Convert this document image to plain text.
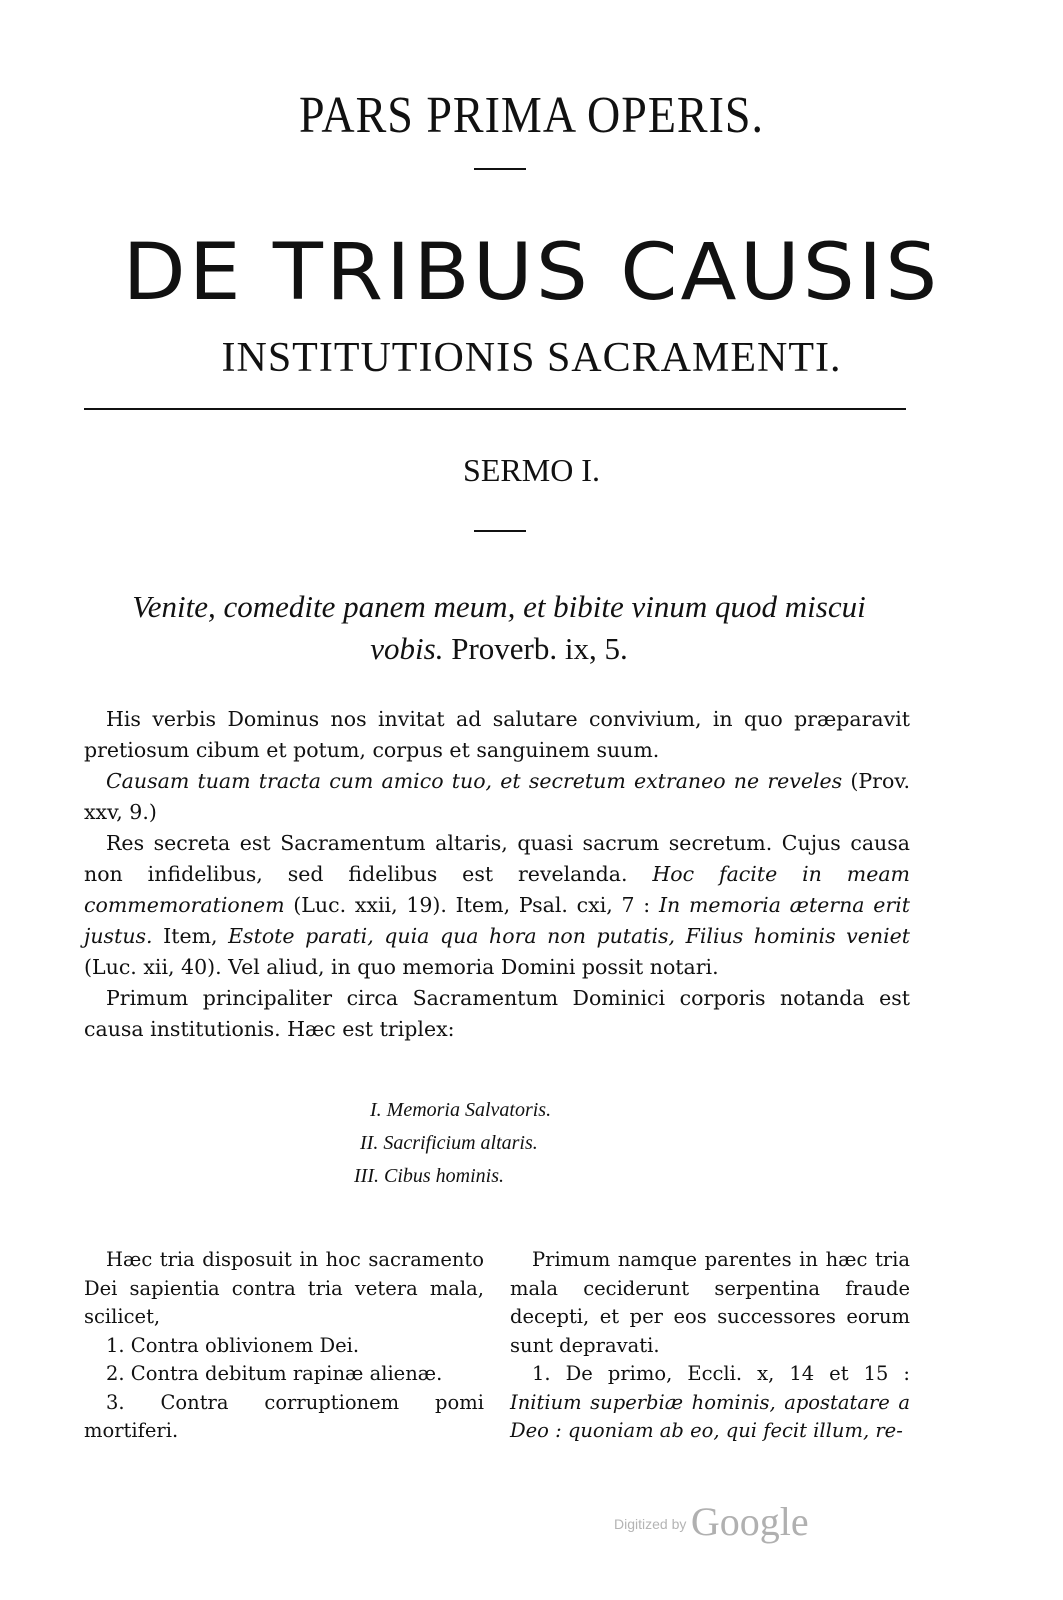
PARS PRIMA OPERIS.
DE TRIBUS CAUSIS
INSTITUTIONIS SACRAMENTI.
SERMO I.
Venite, comedite panem meum, et bibite vinum quod miscui
vobis. Proverb. ix, 5.

His verbis Dominus nos invitat ad salutare convivium, in quo præparavit pretiosum cibum et potum, corpus et sanguinem suum.

Causam tuam tracta cum amico tuo, et secretum extraneo ne reveles (Prov. xxv, 9.)

Res secreta est Sacramentum altaris, quasi sacrum secretum. Cujus causa non infidelibus, sed fidelibus est revelanda. Hoc facite in meam commemorationem (Luc. xxii, 19). Item, Psal. cxi, 7 : In memoria æterna erit justus. Item, Estote parati, quia qua hora non putatis, Filius hominis veniet (Luc. xii, 40). Vel aliud, in quo memoria Domini possit notari.

Primum principaliter circa Sacramentum Dominici corporis notanda est causa institutionis. Hæc est triplex:

I. Memoria Salvatoris.
II. Sacrificium altaris.
III. Cibus hominis.

Hæc tria disposuit in hoc sacramento Dei sapientia contra tria vetera mala, scilicet,

1. Contra oblivionem Dei.

2. Contra debitum rapinæ alienæ.

3. Contra corruptionem pomi mortiferi.

Primum namque parentes in hæc tria mala ceciderunt serpentina fraude decepti, et per eos successores eorum sunt depravati.

1. De primo, Eccli. x, 14 et 15 : Initium superbiæ hominis, apostatare a Deo : quoniam ab eo, qui fecit illum, re-

Digitized by Google
